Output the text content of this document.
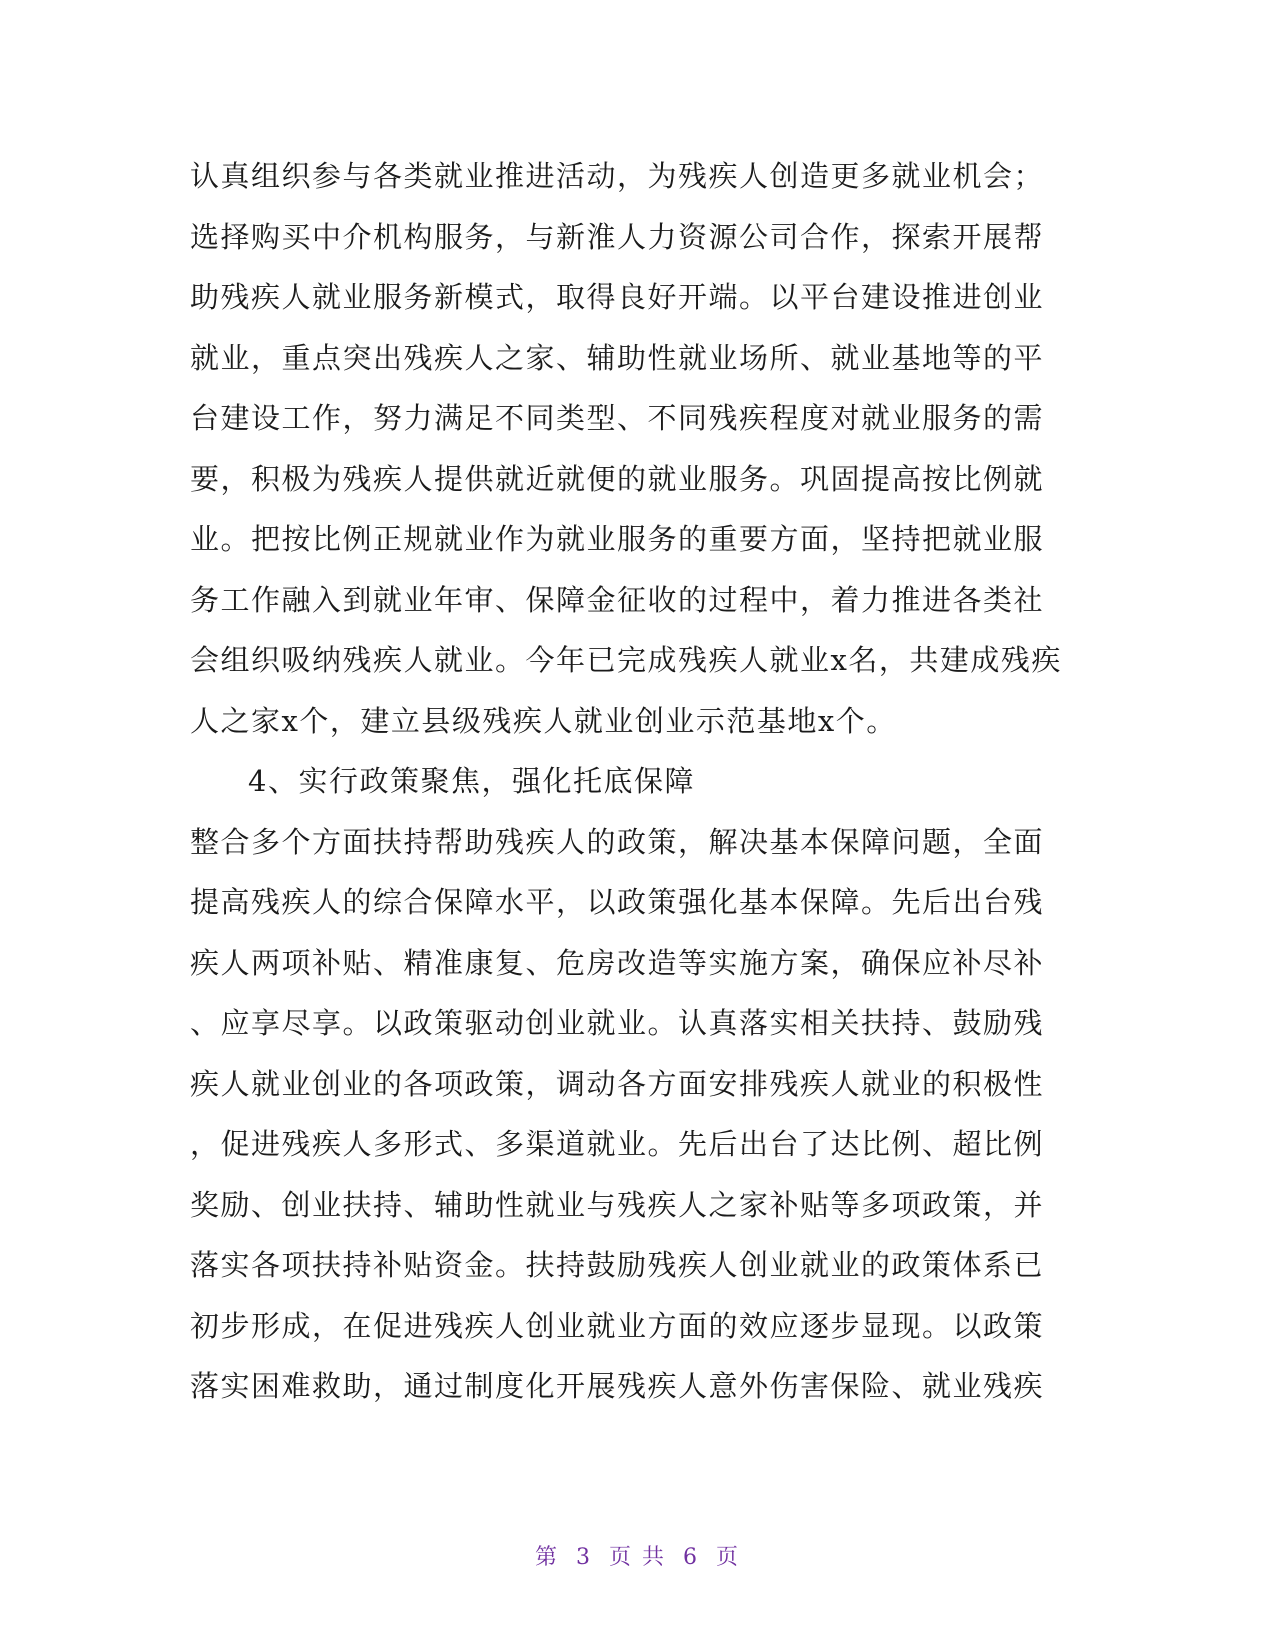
认真组织参与各类就业推进活动，为残疾人创造更多就业机会；
选择购买中介机构服务，与新淮人力资源公司合作，探索开展帮
助残疾人就业服务新模式，取得良好开端。以平台建设推进创业
就业，重点突出残疾人之家、辅助性就业场所、就业基地等的平
台建设工作，努力满足不同类型、不同残疾程度对就业服务的需
要，积极为残疾人提供就近就便的就业服务。巩固提高按比例就
业。把按比例正规就业作为就业服务的重要方面，坚持把就业服
务工作融入到就业年审、保障金征收的过程中，着力推进各类社
会组织吸纳残疾人就业。今年已完成残疾人就业x名，共建成残疾
人之家x个，建立县级残疾人就业创业示范基地x个。
4、实行政策聚焦，强化托底保障
整合多个方面扶持帮助残疾人的政策，解决基本保障问题，全面
提高残疾人的综合保障水平，以政策强化基本保障。先后出台残
疾人两项补贴、精准康复、危房改造等实施方案，确保应补尽补
、应享尽享。以政策驱动创业就业。认真落实相关扶持、鼓励残
疾人就业创业的各项政策，调动各方面安排残疾人就业的积极性
，促进残疾人多形式、多渠道就业。先后出台了达比例、超比例
奖励、创业扶持、辅助性就业与残疾人之家补贴等多项政策，并
落实各项扶持补贴资金。扶持鼓励残疾人创业就业的政策体系已
初步形成，在促进残疾人创业就业方面的效应逐步显现。以政策
落实困难救助，通过制度化开展残疾人意外伤害保险、就业残疾
第 3 页 共 6 页
